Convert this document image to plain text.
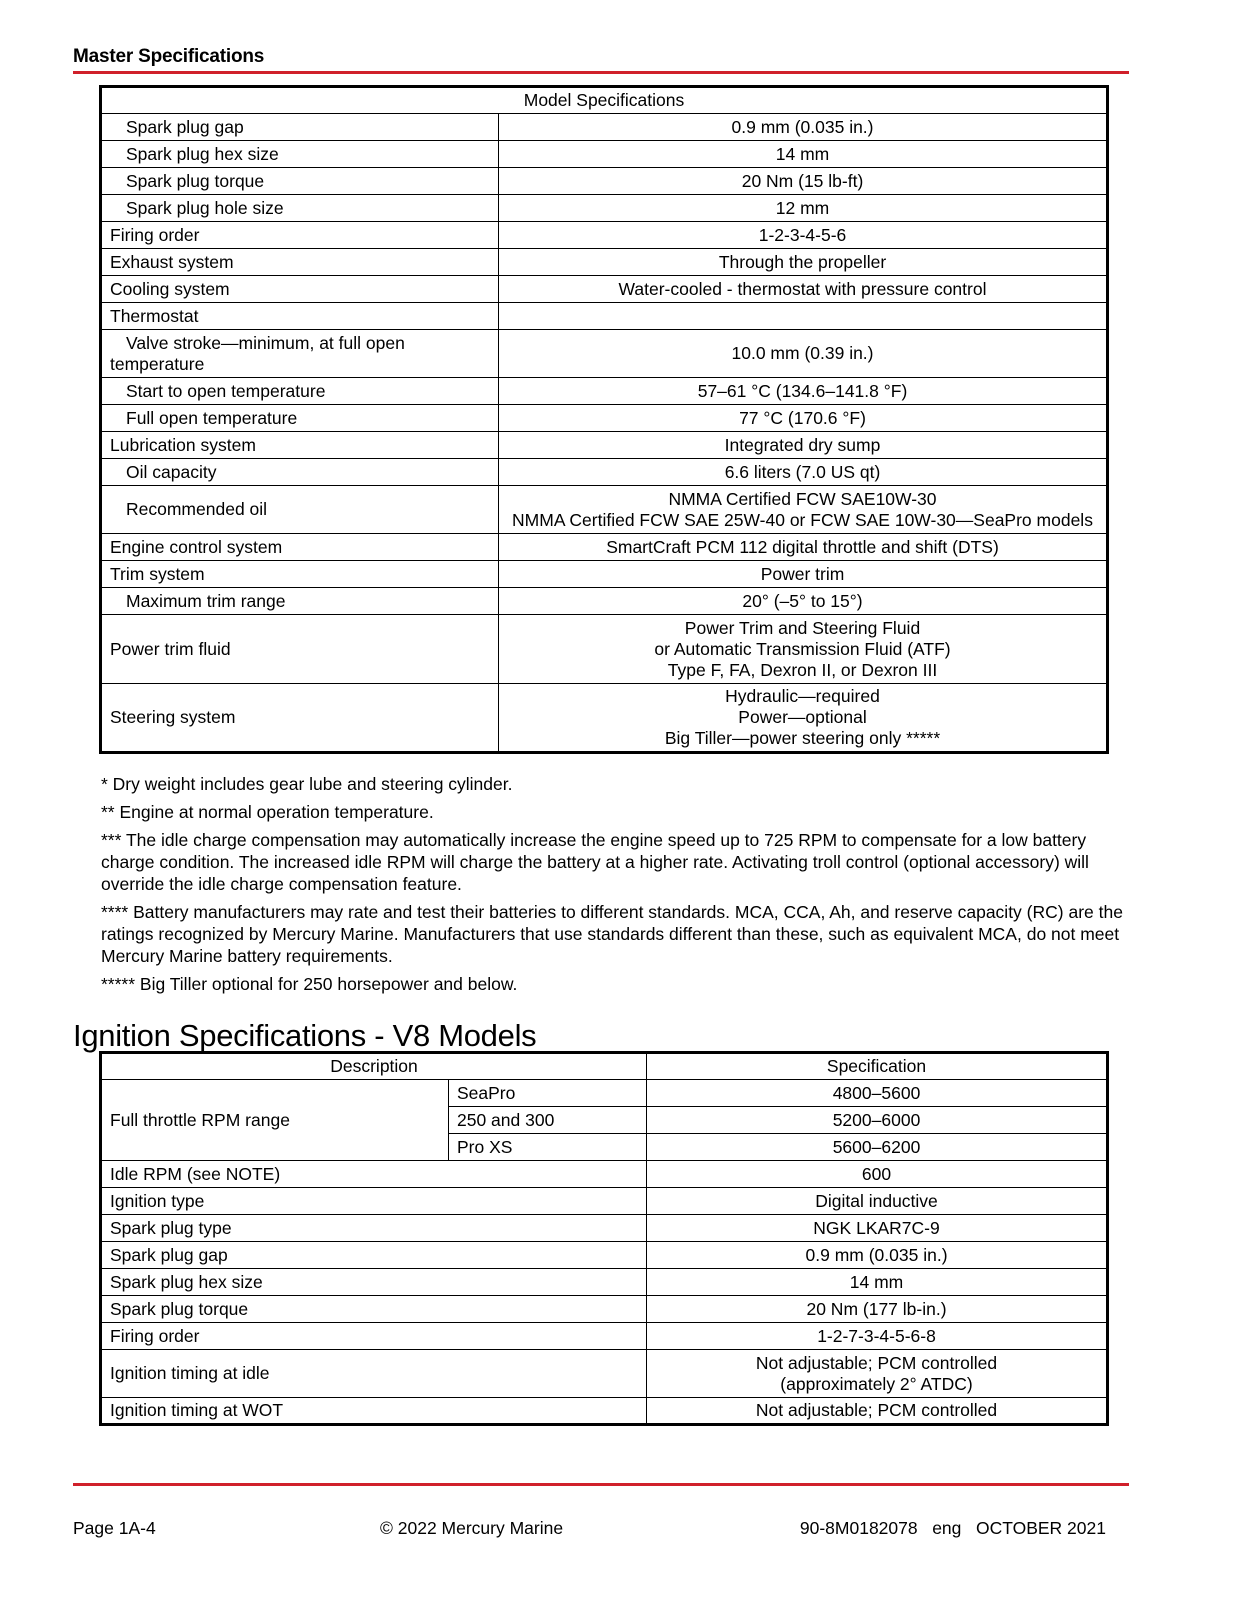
Master Specifications
Model Specifications	
Spark plug gap	0.9 mm (0.035 in.)
Spark plug hex size	14 mm
Spark plug torque	20 Nm (15 lb-ft)
Spark plug hole size	12 mm
Firing order	1-2-3-4-5-6
Exhaust system	Through the propeller
Cooling system	Water-cooled - thermostat with pressure control
Thermostat	
Valve stroke—minimum, at full open temperature	10.0 mm (0.39 in.)
Start to open temperature	57–61 °C (134.6–141.8 °F)
Full open temperature	77 °C (170.6 °F)
Lubrication system	Integrated dry sump
Oil capacity	6.6 liters (7.0 US qt)
Recommended oil	NMMA Certified FCW SAE10W-30
NMMA Certified FCW SAE 25W-40 or FCW SAE 10W-30—SeaPro models

Engine control system	SmartCraft PCM 112 digital throttle and shift (DTS)
Trim system	Power trim
Maximum trim range	20° (–5° to 15°)
Power trim fluid	Power Trim and Steering Fluid
or Automatic Transmission Fluid (ATF)
Type F, FA, Dexron II, or Dexron III

Steering system	Hydraulic—required
Power—optional
Big Tiller—power steering only *****

* Dry weight includes gear lube and steering cylinder.

** Engine at normal operation temperature.

*** The idle charge compensation may automatically increase the engine speed up to 725 RPM to compensate for a low battery charge condition. The increased idle RPM will charge the battery at a higher rate. Activating troll control (optional accessory) will override the idle charge compensation feature.

**** Battery manufacturers may rate and test their batteries to different standards. MCA, CCA, Ah, and reserve capacity (RC) are the ratings recognized by Mercury Marine. Manufacturers that use standards different than these, such as equivalent MCA, do not meet Mercury Marine battery requirements.

***** Big Tiller optional for 250 horsepower and below.

Ignition Specifications - V8 Models
Description		Specification
Full throttle RPM range	SeaPro	4800–5600
	250 and 300	5200–6000
	Pro XS	5600–6200
Idle RPM (see NOTE)		600
Ignition type		Digital inductive
Spark plug type		NGK LKAR7C-9
Spark plug gap		0.9 mm (0.035 in.)
Spark plug hex size		14 mm
Spark plug torque		20 Nm (177 lb-in.)
Firing order		1-2-7-3-4-5-6-8
Ignition timing at idle		Not adjustable; PCM controlled
(approximately 2° ATDC)

Ignition timing at WOT		Not adjustable; PCM controlled
Page 1A-4	© 2022 Mercury Marine	90-8M0182078   eng   OCTOBER 2021
